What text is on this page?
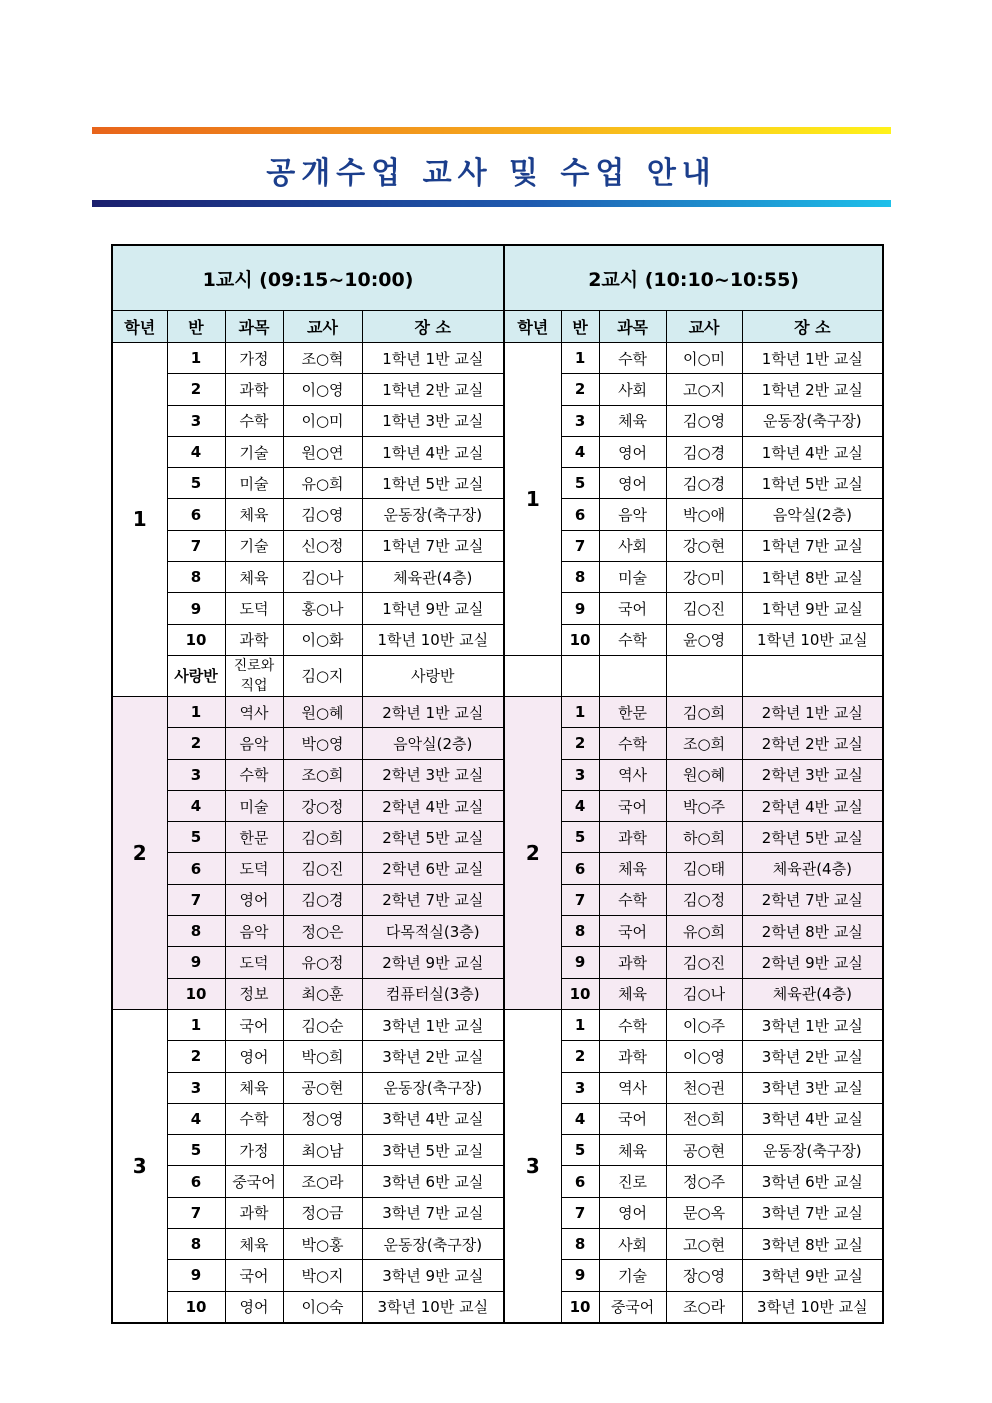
공개수업 교사 및 수업 안내
1교시 (09:15~10:00)					2교시 (10:10~10:55)				
학년	반	과목	교사	장 소	학년	반	과목	교사	장 소
1	1	가정	조○혁	1학년 1반 교실	1	1	수학	이○미	1학년 1반 교실
	2	과학	이○영	1학년 2반 교실		2	사회	고○지	1학년 2반 교실
	3	수학	이○미	1학년 3반 교실		3	체육	김○영	운동장(축구장)
	4	기술	원○연	1학년 4반 교실		4	영어	김○경	1학년 4반 교실
	5	미술	유○희	1학년 5반 교실		5	영어	김○경	1학년 5반 교실
	6	체육	김○영	운동장(축구장)		6	음악	박○애	음악실(2층)
	7	기술	신○정	1학년 7반 교실		7	사회	강○현	1학년 7반 교실
	8	체육	김○나	체육관(4층)		8	미술	강○미	1학년 8반 교실
	9	도덕	홍○나	1학년 9반 교실		9	국어	김○진	1학년 9반 교실
	10	과학	이○화	1학년 10반 교실		10	수학	윤○영	1학년 10반 교실
	사랑반	진로와 직업	김○지	사랑반					
2	1	역사	원○혜	2학년 1반 교실	2	1	한문	김○희	2학년 1반 교실
	2	음악	박○영	음악실(2층)		2	수학	조○희	2학년 2반 교실
	3	수학	조○희	2학년 3반 교실		3	역사	원○혜	2학년 3반 교실
	4	미술	강○정	2학년 4반 교실		4	국어	박○주	2학년 4반 교실
	5	한문	김○희	2학년 5반 교실		5	과학	하○희	2학년 5반 교실
	6	도덕	김○진	2학년 6반 교실		6	체육	김○태	체육관(4층)
	7	영어	김○경	2학년 7반 교실		7	수학	김○정	2학년 7반 교실
	8	음악	정○은	다목적실(3층)		8	국어	유○희	2학년 8반 교실
	9	도덕	유○정	2학년 9반 교실		9	과학	김○진	2학년 9반 교실
	10	정보	최○훈	컴퓨터실(3층)		10	체육	김○나	체육관(4층)
3	1	국어	김○순	3학년 1반 교실	3	1	수학	이○주	3학년 1반 교실
	2	영어	박○희	3학년 2반 교실		2	과학	이○영	3학년 2반 교실
	3	체육	공○현	운동장(축구장)		3	역사	천○권	3학년 3반 교실
	4	수학	정○영	3학년 4반 교실		4	국어	전○희	3학년 4반 교실
	5	가정	최○남	3학년 5반 교실		5	체육	공○현	운동장(축구장)
	6	중국어	조○라	3학년 6반 교실		6	진로	정○주	3학년 6반 교실
	7	과학	정○금	3학년 7반 교실		7	영어	문○옥	3학년 7반 교실
	8	체육	박○홍	운동장(축구장)		8	사회	고○현	3학년 8반 교실
	9	국어	박○지	3학년 9반 교실		9	기술	장○영	3학년 9반 교실
	10	영어	이○숙	3학년 10반 교실		10	중국어	조○라	3학년 10반 교실
